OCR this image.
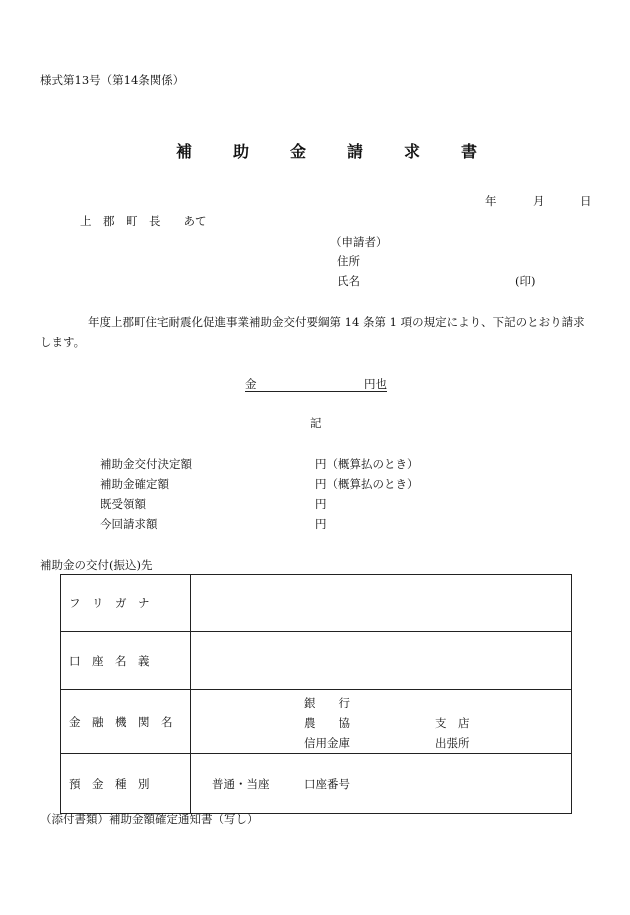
様式第13号（第14条関係）
補	助	金	請	求	書
年	月	日
上　郡　町　長　　あて
（申請者）
住所
氏名	(印)
年度上郡町住宅耐震化促進事業補助金交付要綱第 14 条第 1 項の規定により、下記のとおり請求
します。
金	円也
記
補助金交付決定額	円（概算払のとき）
補助金確定額	円（概算払のとき）
既受領額	円
今回請求額	円
補助金の交付(振込)先
フ　リ　ガ　ナ	
口　座　名　義	
金　融　機　関　名	銀　　行
農　　協 支　店
信用金庫 出張所

預　金　種　別	普通・当座 口座番号
（添付書類）補助金額確定通知書（写し）
